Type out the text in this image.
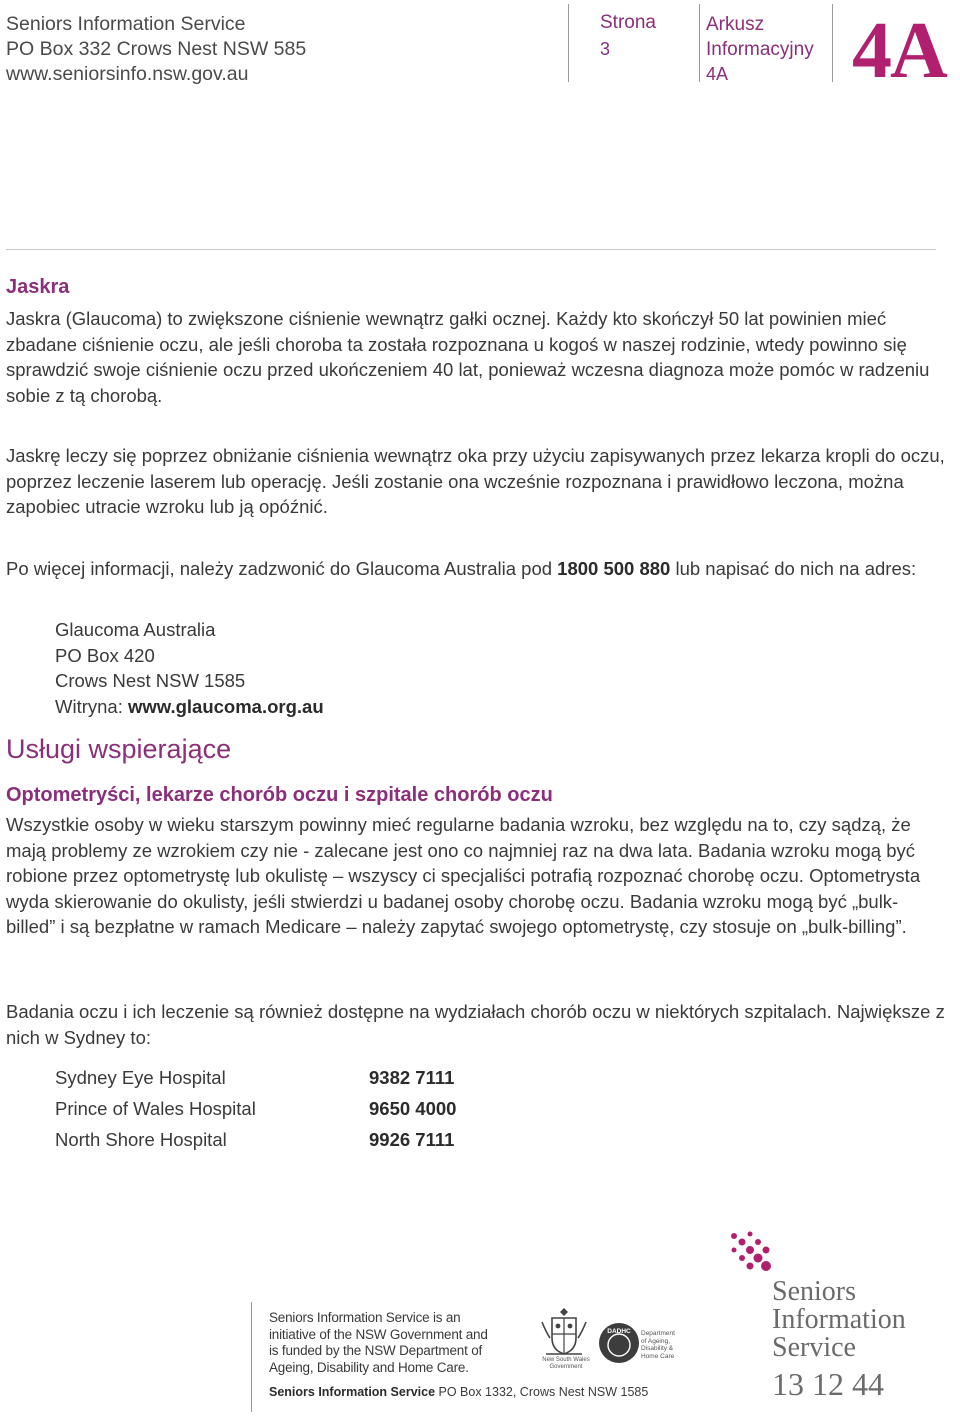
Seniors Information Service
PO Box 332 Crows Nest NSW 585
www.seniorsinfo.nsw.gov.au
Strona
3
Arkusz
Informacyjny
4A	4A
Jaskra

Jaskra (Glaucoma) to zwiększone ciśnienie wewnątrz gałki ocznej. Każdy kto skończył 50 lat powinien mieć zbadane ciśnienie oczu, ale jeśli choroba ta została rozpoznana u kogoś w naszej rodzinie, wtedy powinno się sprawdzić swoje ciśnienie oczu przed ukończeniem 40 lat, ponieważ wczesna diagnoza może pomóc w radzeniu sobie z tą chorobą.

Jaskrę leczy się poprzez obniżanie ciśnienia wewnątrz oka przy użyciu zapisywanych przez lekarza kropli do oczu, poprzez leczenie laserem lub operację. Jeśli zostanie ona wcześnie rozpoznana i prawidłowo leczona, można zapobiec utracie wzroku lub ją opóźnić.

Po więcej informacji, należy zadzwonić do Glaucoma Australia pod 1800 500 880 lub napisać do nich na adres:

Glaucoma Australia
PO Box 420
Crows Nest NSW 1585
Witryna: www.glaucoma.org.au
Usługi wspierające
Optometryści, lekarze chorób oczu i szpitale chorób oczu

Wszystkie osoby w wieku starszym powinny mieć regularne badania wzroku, bez względu na to, czy sądzą, że mają problemy ze wzrokiem czy nie - zalecane jest ono co najmniej raz na dwa lata. Badania wzroku mogą być robione przez optometrystę lub okulistę – wszyscy ci specjaliści potrafią rozpoznać chorobę oczu. Optometrysta wyda skierowanie do okulisty, jeśli stwierdzi u badanej osoby chorobę oczu. Badania wzroku mogą być „bulk- billed” i są bezpłatne w ramach Medicare – należy zapytać swojego optometrystę, czy stosuje on „bulk-billing”.

Badania oczu i ich leczenie są również dostępne na wydziałach chorób oczu w niektórych szpitalach. Największe z nich w Sydney to:

Sydney Eye Hospital	9382 7111
Prince of Wales Hospital	9650 4000
North Shore Hospital	9926 7111
Seniors Information Service is an
initiative of the NSW Government and
is funded by the NSW Department of
Ageing, Disability and Home Care.
Seniors Information Service PO Box 1332, Crows Nest NSW 1585
New South Wales Government
DADHC Department
of Ageing,
Disability &
Home Care
Seniors
Information
Service
13 12 44
